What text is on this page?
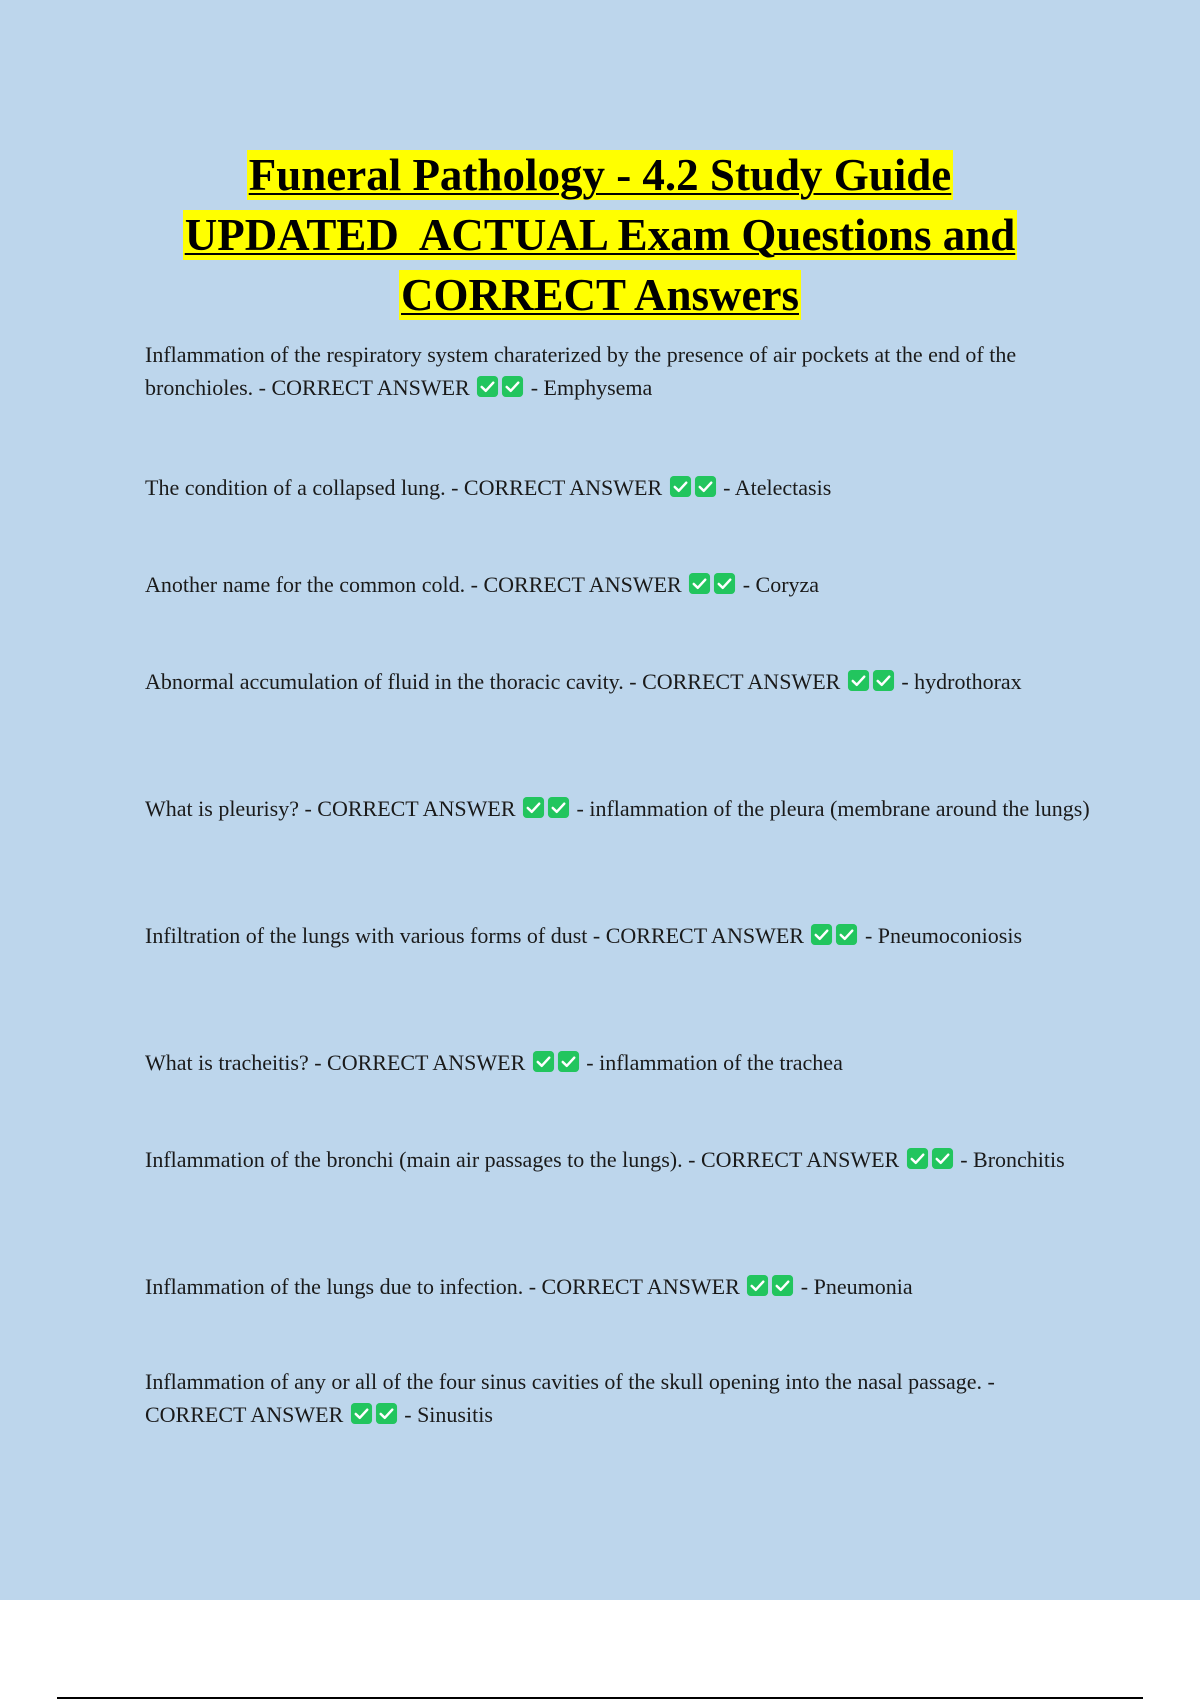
Funeral Pathology - 4.2 Study Guide
UPDATED  ACTUAL Exam Questions and
CORRECT Answers

Inflammation of the respiratory system charaterized by the presence of air pockets at the end of the bronchioles. - CORRECT ANSWER	- Emphysema

The condition of a collapsed lung. - CORRECT ANSWER	- Atelectasis

Another name for the common cold. - CORRECT ANSWER	- Coryza

Abnormal accumulation of fluid in the thoracic cavity. - CORRECT ANSWER	- hydrothorax

What is pleurisy? - CORRECT ANSWER	- inflammation of the pleura (membrane around the lungs)

Infiltration of the lungs with various forms of dust - CORRECT ANSWER	- Pneumoconiosis

What is tracheitis? - CORRECT ANSWER	- inflammation of the trachea

Inflammation of the bronchi (main air passages to the lungs). - CORRECT ANSWER	- Bronchitis

Inflammation of the lungs due to infection. - CORRECT ANSWER	- Pneumonia

Inflammation of any or all of the four sinus cavities of the skull opening into the nasal passage. - CORRECT ANSWER	- Sinusitis
